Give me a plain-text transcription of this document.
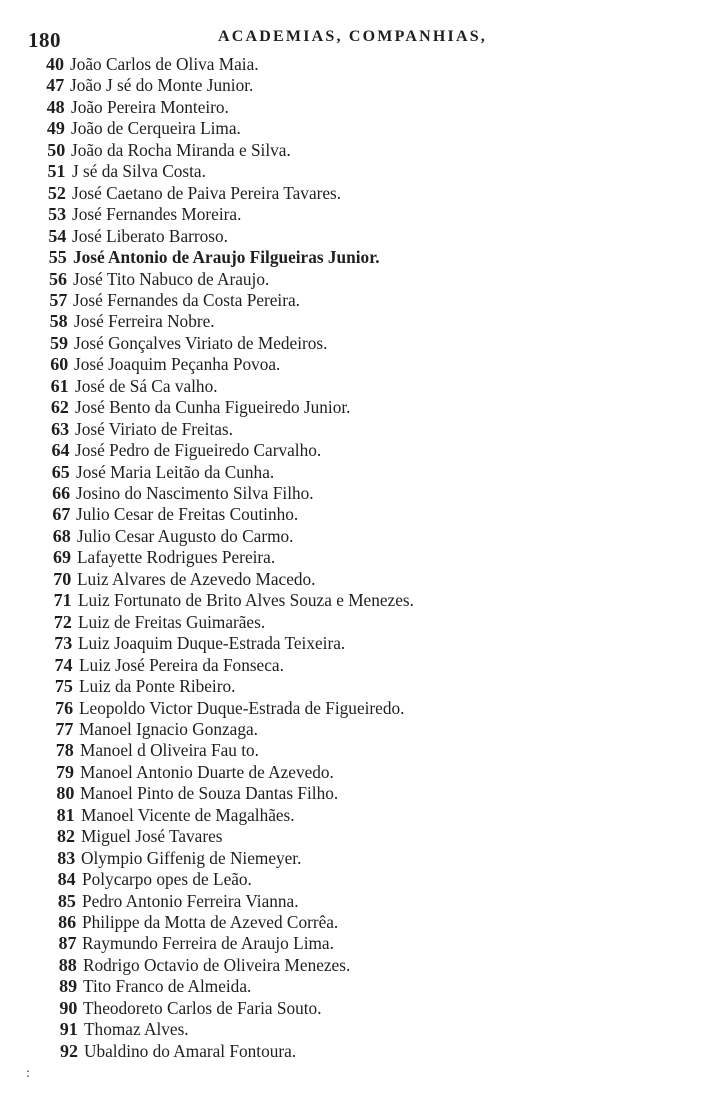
180	ACADEMIAS, COMPANHIAS,
40 João Carlos de Oliva Maia.
47 João J sé do Monte Junior.
48 João Pereira Monteiro.
49 João de Cerqueira Lima.
50 João da Rocha Miranda e Silva.
51 J sé da Silva Costa.
52 José Caetano de Paiva Pereira Tavares.
53 José Fernandes Moreira.
54 José Liberato Barroso.
55 José Antonio de Araujo Filgueiras Junior.
56 José Tito Nabuco de Araujo.
57 José Fernandes da Costa Pereira.
58 José Ferreira Nobre.
59 José Gonçalves Viriato de Medeiros.
60 José Joaquim Peçanha Povoa.
61 José de Sá Ca valho.
62 José Bento da Cunha Figueiredo Junior.
63 José Viriato de Freitas.
64 José Pedro de Figueiredo Carvalho.
65 José Maria Leitão da Cunha.
66 Josino do Nascimento Silva Filho.
67 Julio Cesar de Freitas Coutinho.
68 Julio Cesar Augusto do Carmo.
69 Lafayette Rodrigues Pereira.
70 Luiz Alvares de Azevedo Macedo.
71 Luiz Fortunato de Brito Alves Souza e Menezes.
72 Luiz de Freitas Guimarães.
73 Luiz Joaquim Duque-Estrada Teixeira.
74 Luiz José Pereira da Fonseca.
75 Luiz da Ponte Ribeiro.
76 Leopoldo Victor Duque-Estrada de Figueiredo.
77 Manoel Ignacio Gonzaga.
78 Manoel d Oliveira Fau to.
79 Manoel Antonio Duarte de Azevedo.
80 Manoel Pinto de Souza Dantas Filho.
81 Manoel Vicente de Magalhães.
82 Miguel José Tavares
83 Olympio Giffenig de Niemeyer.
84 Polycarpo opes de Leão.
85 Pedro Antonio Ferreira Vianna.
86 Philippe da Motta de Azeved Corrêa.
87 Raymundo Ferreira de Araujo Lima.
88 Rodrigo Octavio de Oliveira Menezes.
89 Tito Franco de Almeida.
90 Theodoreto Carlos de Faria Souto.
91 Thomaz Alves.
92 Ubaldino do Amaral Fontoura.
:
